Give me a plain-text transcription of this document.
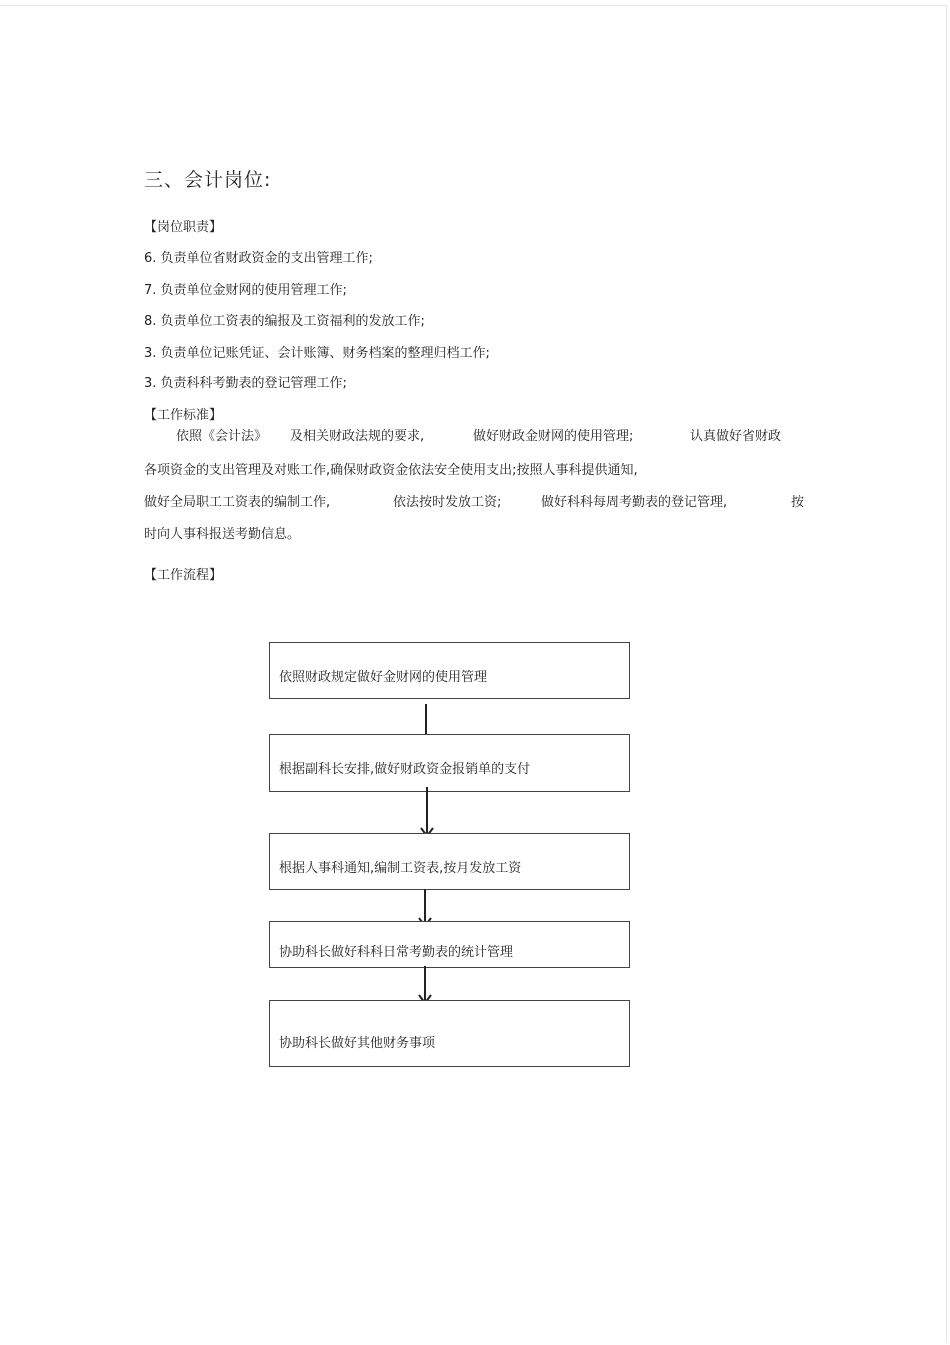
三、会计岗位:
【岗位职责】
6. 负责单位省财政资金的支出管理工作;
7. 负责单位金财网的使用管理工作;
8. 负责单位工资表的编报及工资福利的发放工作;
3. 负责单位记账凭证、会计账簿、财务档案的整理归档工作;
3. 负责科科考勤表的登记管理工作;
【工作标准】
依照《会计法》 及相关财政法规的要求,	做好财政金财网的使用管理;	认真做好省财政
各项资金的支出管理及对账工作,确保财政资金依法安全使用支出;按照人事科提供通知,
做好全局职工工资表的编制工作,	依法按时发放工资;	做好科科每周考勤表的登记管理,	按
时向人事科报送考勤信息。
【工作流程】
依照财政规定做好金财网的使用管理
根据副科长安排,做好财政资金报销单的支付
根据人事科通知,编制工资表,按月发放工资
协助科长做好科科日常考勤表的统计管理
协助科长做好其他财务事项
